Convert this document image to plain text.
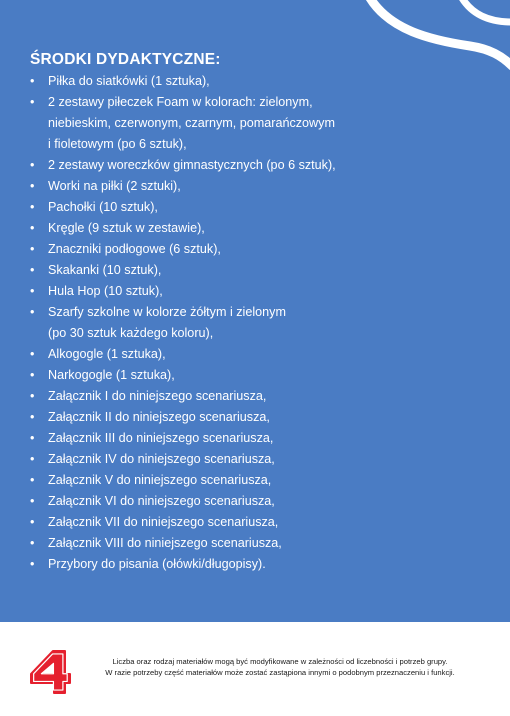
ŚRODKI DYDAKTYCZNE:
•	Piłka do siatkówki (1 sztuka),
•	2 zestawy piłeczek Foam w kolorach: zielonym,
niebieskim, czerwonym, czarnym, pomarańczowym
i fioletowym (po 6 sztuk),
•	2 zestawy woreczków gimnastycznych (po 6 sztuk),
•	Worki na piłki (2 sztuki),
•	Pachołki (10 sztuk),
•	Kręgle (9 sztuk w zestawie),
•	Znaczniki podłogowe (6 sztuk),
•	Skakanki (10 sztuk),
•	Hula Hop (10 sztuk),
•	Szarfy szkolne w kolorze żółtym i zielonym
(po 30 sztuk każdego koloru),
•	Alkogogle (1 sztuka),
•	Narkogogle (1 sztuka),
•	Załącznik I do niniejszego scenariusza,
•	Załącznik II do niniejszego scenariusza,
•	Załącznik III do niniejszego scenariusza,
•	Załącznik IV do niniejszego scenariusza,
•	Załącznik V do niniejszego scenariusza,
•	Załącznik VI do niniejszego scenariusza,
•	Załącznik VII do niniejszego scenariusza,
•	Załącznik VIII do niniejszego scenariusza,
•	Przybory do pisania (ołówki/długopisy).

Liczba oraz rodzaj materiałów mogą być modyfikowane w zależności od liczebności i potrzeb grupy.
W razie potrzeby część materiałów może zostać zastąpiona innymi o podobnym przeznaczeniu i funkcji.
